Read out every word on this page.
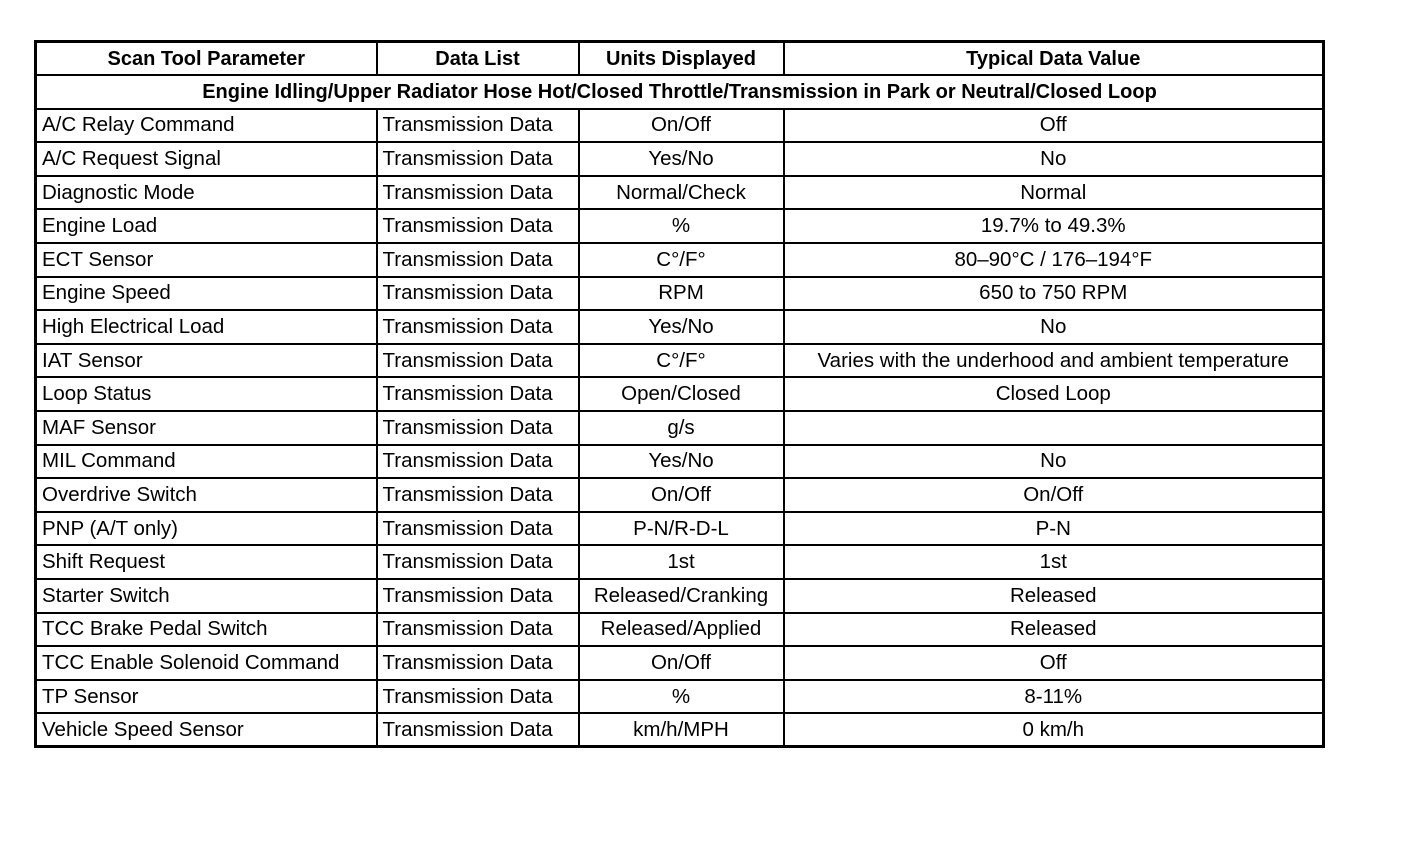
Scan Tool Parameter	Data List	Units Displayed	Typical Data Value
Engine Idling/Upper Radiator Hose Hot/Closed Throttle/Transmission in Park or Neutral/Closed Loop			
A/C Relay Command	Transmission Data	On/Off	Off
A/C Request Signal	Transmission Data	Yes/No	No
Diagnostic Mode	Transmission Data	Normal/Check	Normal
Engine Load	Transmission Data	%	19.7% to 49.3%
ECT Sensor	Transmission Data	C°/F°	80–90°C / 176–194°F
Engine Speed	Transmission Data	RPM	650 to 750 RPM
High Electrical Load	Transmission Data	Yes/No	No
IAT Sensor	Transmission Data	C°/F°	Varies with the underhood and ambient temperature
Loop Status	Transmission Data	Open/Closed	Closed Loop
MAF Sensor	Transmission Data	g/s	
MIL Command	Transmission Data	Yes/No	No
Overdrive Switch	Transmission Data	On/Off	On/Off
PNP (A/T only)	Transmission Data	P-N/R-D-L	P-N
Shift Request	Transmission Data	1st	1st
Starter Switch	Transmission Data	Released/Cranking	Released
TCC Brake Pedal Switch	Transmission Data	Released/Applied	Released
TCC Enable Solenoid Command	Transmission Data	On/Off	Off
TP Sensor	Transmission Data	%	8-11%
Vehicle Speed Sensor	Transmission Data	km/h/MPH	0 km/h
